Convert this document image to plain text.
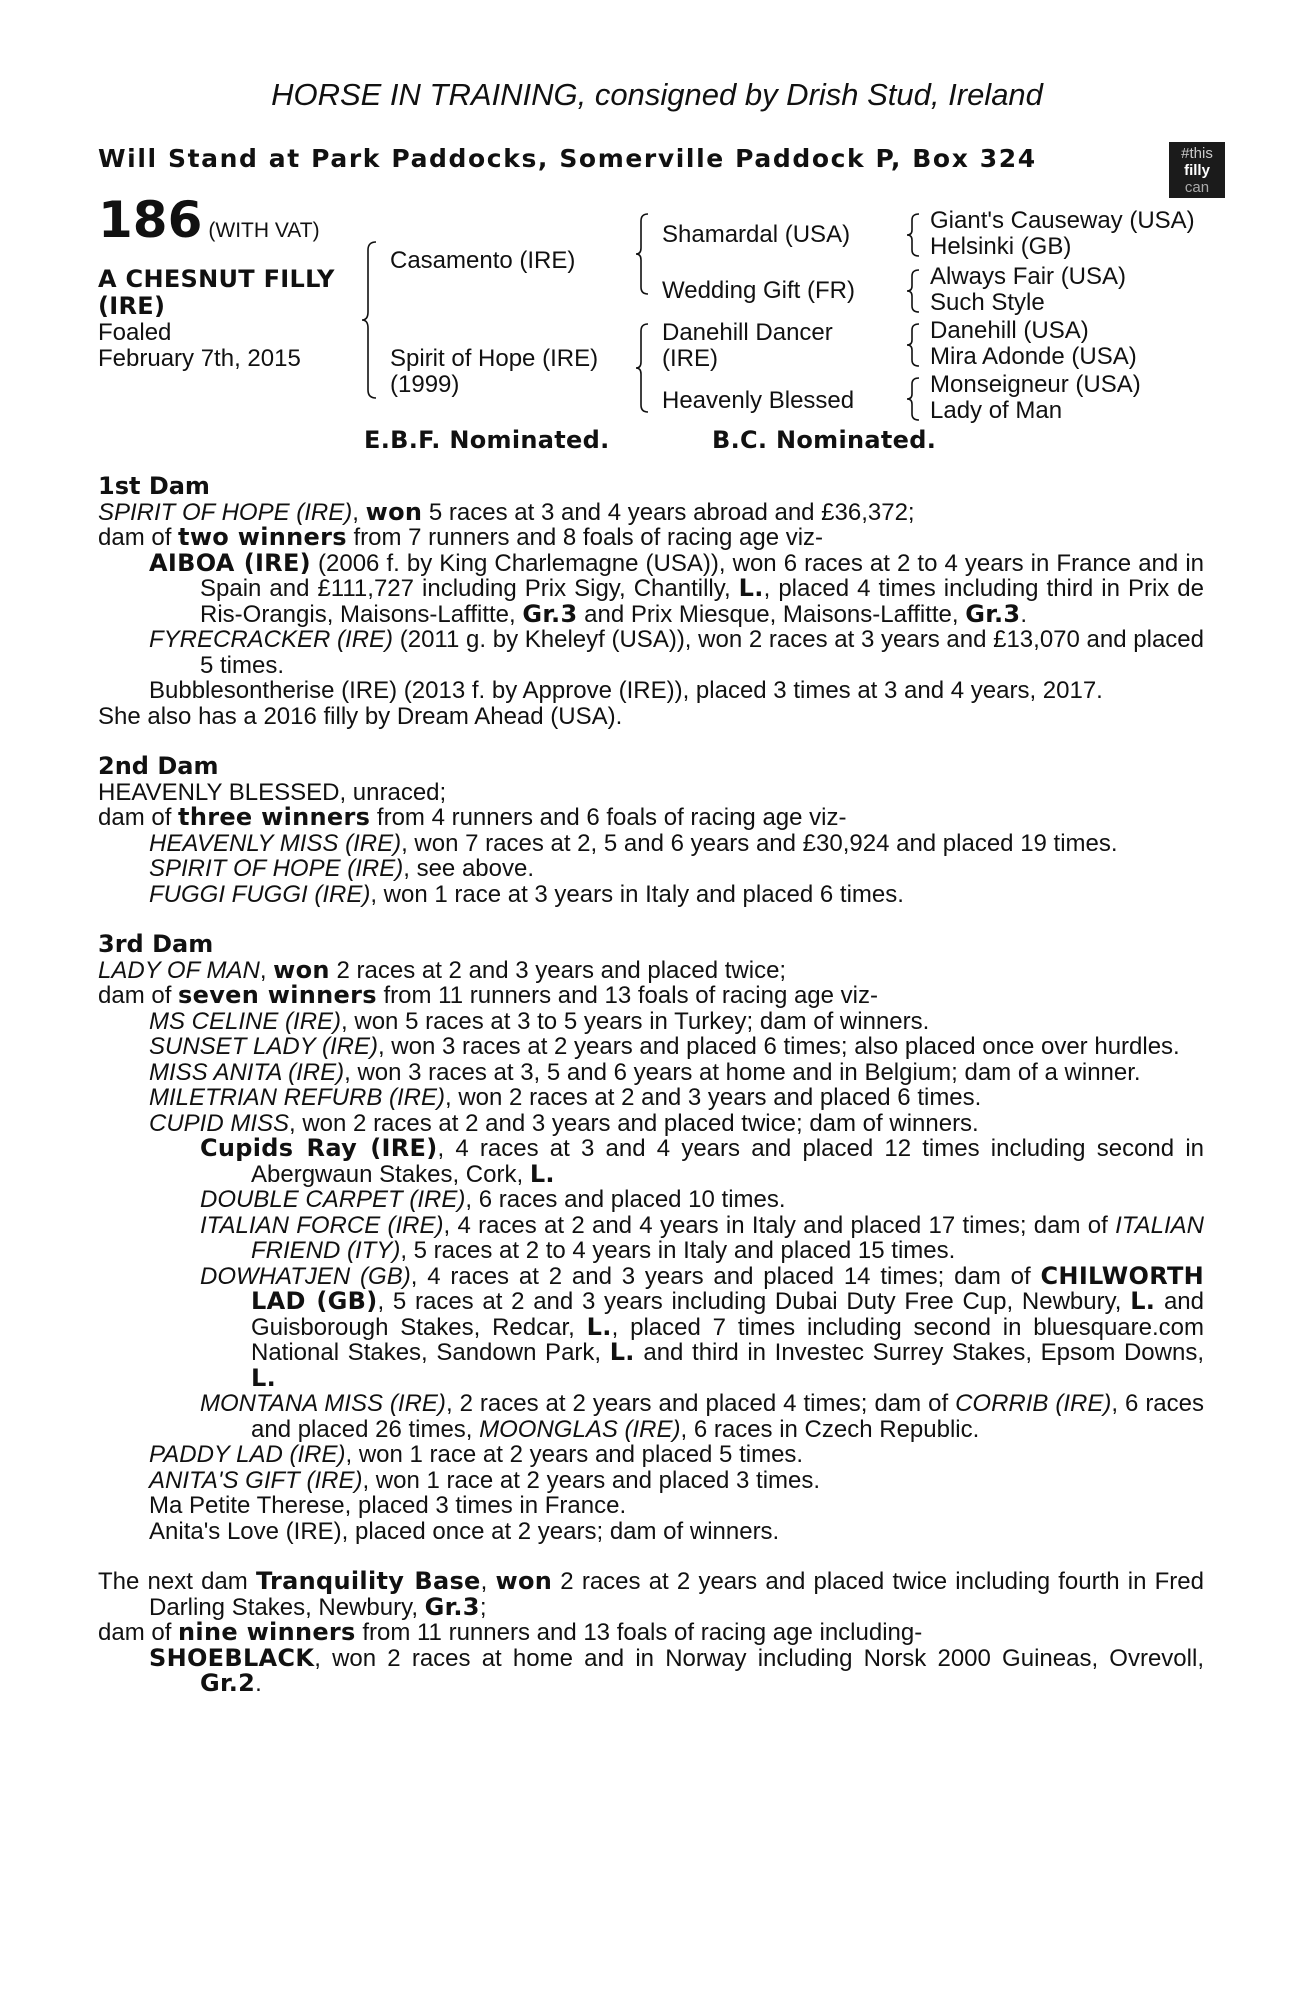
HORSE IN TRAINING, consigned by Drish Stud, Ireland
Will Stand at Park Paddocks, Somerville Paddock P, Box 324	#this
filly
can
186 (WITH VAT)
A CHESNUT FILLY
(IRE)
Foaled
February 7th, 2015
Casamento (IRE)
Spirit of Hope (IRE)
(1999)
Shamardal (USA)
Wedding Gift (FR)
Danehill Dancer
(IRE)
Heavenly Blessed
Giant's Causeway (USA)
Helsinki (GB)
Always Fair (USA)
Such Style
Danehill (USA)
Mira Adonde (USA)
Monseigneur (USA)
Lady of Man
E.B.F. Nominated.	B.C. Nominated.

1st Dam

SPIRIT OF HOPE (IRE), won 5 races at 3 and 4 years abroad and £36,372;

dam of two winners from 7 runners and 8 foals of racing age viz-

AIBOA (IRE) (2006 f. by King Charlemagne (USA)), won 6 races at 2 to 4 years in France and in Spain and £111,727 including Prix Sigy, Chantilly, L., placed 4 times including third in Prix de Ris-Orangis, Maisons-Laffitte, Gr.3 and Prix Miesque, Maisons-Laffitte, Gr.3.

FYRECRACKER (IRE) (2011 g. by Kheleyf (USA)), won 2 races at 3 years and £13,070 and placed 5 times.

Bubblesontherise (IRE) (2013 f. by Approve (IRE)), placed 3 times at 3 and 4 years, 2017.

She also has a 2016 filly by Dream Ahead (USA).

2nd Dam

HEAVENLY BLESSED, unraced;

dam of three winners from 4 runners and 6 foals of racing age viz-

HEAVENLY MISS (IRE), won 7 races at 2, 5 and 6 years and £30,924 and placed 19 times.

SPIRIT OF HOPE (IRE), see above.

FUGGI FUGGI (IRE), won 1 race at 3 years in Italy and placed 6 times.

3rd Dam

LADY OF MAN, won 2 races at 2 and 3 years and placed twice;

dam of seven winners from 11 runners and 13 foals of racing age viz-

MS CELINE (IRE), won 5 races at 3 to 5 years in Turkey; dam of winners.

SUNSET LADY (IRE), won 3 races at 2 years and placed 6 times; also placed once over hurdles.

MISS ANITA (IRE), won 3 races at 3, 5 and 6 years at home and in Belgium; dam of a winner.

MILETRIAN REFURB (IRE), won 2 races at 2 and 3 years and placed 6 times.

CUPID MISS, won 2 races at 2 and 3 years and placed twice; dam of winners.

Cupids Ray (IRE), 4 races at 3 and 4 years and placed 12 times including second in Abergwaun Stakes, Cork, L.

DOUBLE CARPET (IRE), 6 races and placed 10 times.

ITALIAN FORCE (IRE), 4 races at 2 and 4 years in Italy and placed 17 times; dam of ITALIAN FRIEND (ITY), 5 races at 2 to 4 years in Italy and placed 15 times.

DOWHATJEN (GB), 4 races at 2 and 3 years and placed 14 times; dam of CHILWORTH LAD (GB), 5 races at 2 and 3 years including Dubai Duty Free Cup, Newbury, L. and Guisborough Stakes, Redcar, L., placed 7 times including second in bluesquare.com National Stakes, Sandown Park, L. and third in Investec Surrey Stakes, Epsom Downs, L.

MONTANA MISS (IRE), 2 races at 2 years and placed 4 times; dam of CORRIB (IRE), 6 races and placed 26 times, MOONGLAS (IRE), 6 races in Czech Republic.

PADDY LAD (IRE), won 1 race at 2 years and placed 5 times.

ANITA'S GIFT (IRE), won 1 race at 2 years and placed 3 times.

Ma Petite Therese, placed 3 times in France.

Anita's Love (IRE), placed once at 2 years; dam of winners.

The next dam Tranquility Base, won 2 races at 2 years and placed twice including fourth in Fred Darling Stakes, Newbury, Gr.3;

dam of nine winners from 11 runners and 13 foals of racing age including-

SHOEBLACK, won 2 races at home and in Norway including Norsk 2000 Guineas, Ovrevoll, Gr.2.
